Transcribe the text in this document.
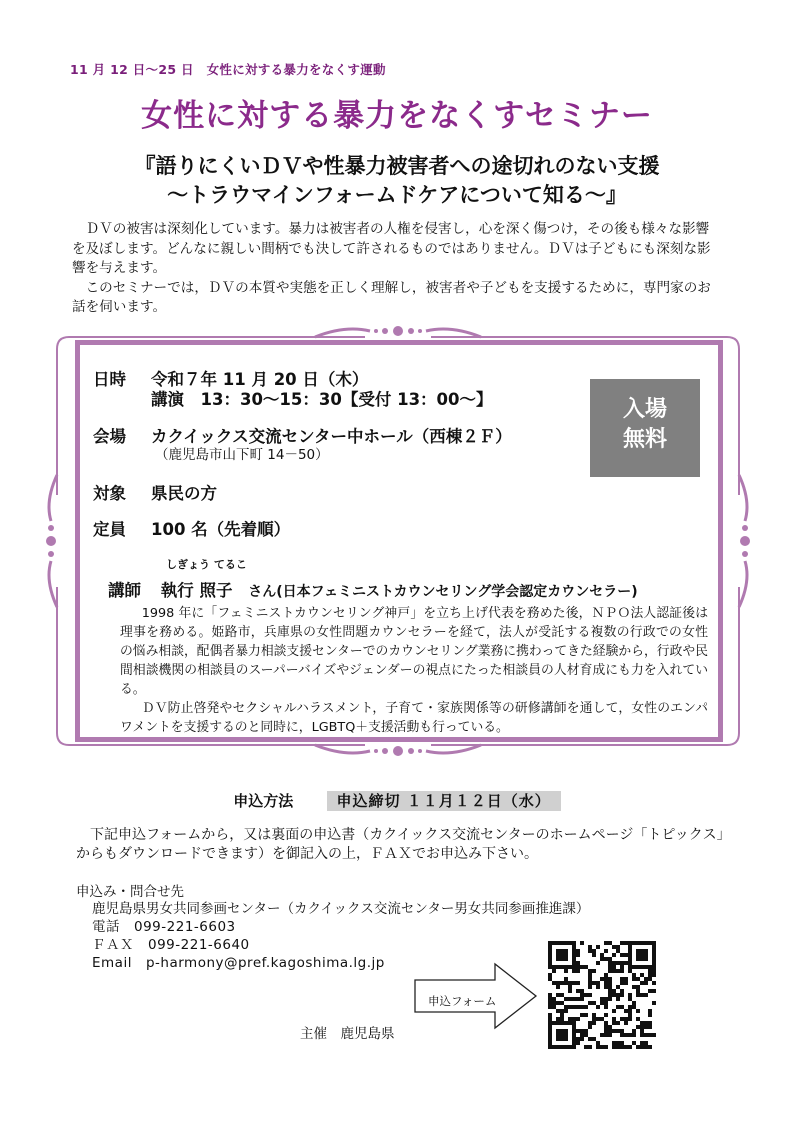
11 月 12 日～25 日　女性に対する暴力をなくす運動
女性に対する暴力をなくすセミナー
『語りにくいＤＶや性暴力被害者への途切れのない支援
～トラウマインフォームドケアについて知る～』

ＤＶの被害は深刻化しています。暴力は被害者の人権を侵害し，心を深く傷つけ，その後も様々な影響を及ぼします。どんなに親しい間柄でも決して許されるものではありません。ＤＶは子どもにも深刻な影響を与えます。

このセミナーでは，ＤＶの本質や実態を正しく理解し，被害者や子どもを支援するために，専門家のお話を伺います。

日時 令和７年 11 月 20 日（木）
講演　13：30～15：30【受付 13：00～】
会場 カクイックス交流センター中ホール（西棟２Ｆ）
（鹿児島市山下町 14－50）
対象 県民の方
定員 100 名（先着順）
入場
無料
しぎょう てるこ
講師 執行 照子 さん(日本フェミニストカウンセリング学会認定カウンセラー)

1998 年に「フェミニストカウンセリング神戸」を立ち上げ代表を務めた後，ＮＰＯ法人認証後は理事を務める。姫路市，兵庫県の女性問題カウンセラーを経て，法人が受託する複数の行政での女性の悩み相談，配偶者暴力相談支援センターでのカウンセリング業務に携わってきた経験から，行政や民間相談機関の相談員のスーパーバイズやジェンダーの視点にたった相談員の人材育成にも力を入れている。

ＤＶ防止啓発やセクシャルハラスメント，子育て・家族関係等の研修講師を通して，女性のエンパワメントを支援するのと同時に，LGBTQ＋支援活動も行っている。

申込方法	申込締切 １１月１２日（水）

下記申込フォームから，又は裏面の申込書（カクイックス交流センターのホームページ「トピックス」からもダウンロードできます）を御記入の上，ＦＡＸでお申込み下さい。

申込み・問合せ先
鹿児島県男女共同参画センター（カクイックス交流センター男女共同参画推進課）
電話　099-221-6603
ＦＡＸ　099-221-6640
Email　p-harmony@pref.kagoshima.lg.jp
申込フォーム
主催　鹿児島県
